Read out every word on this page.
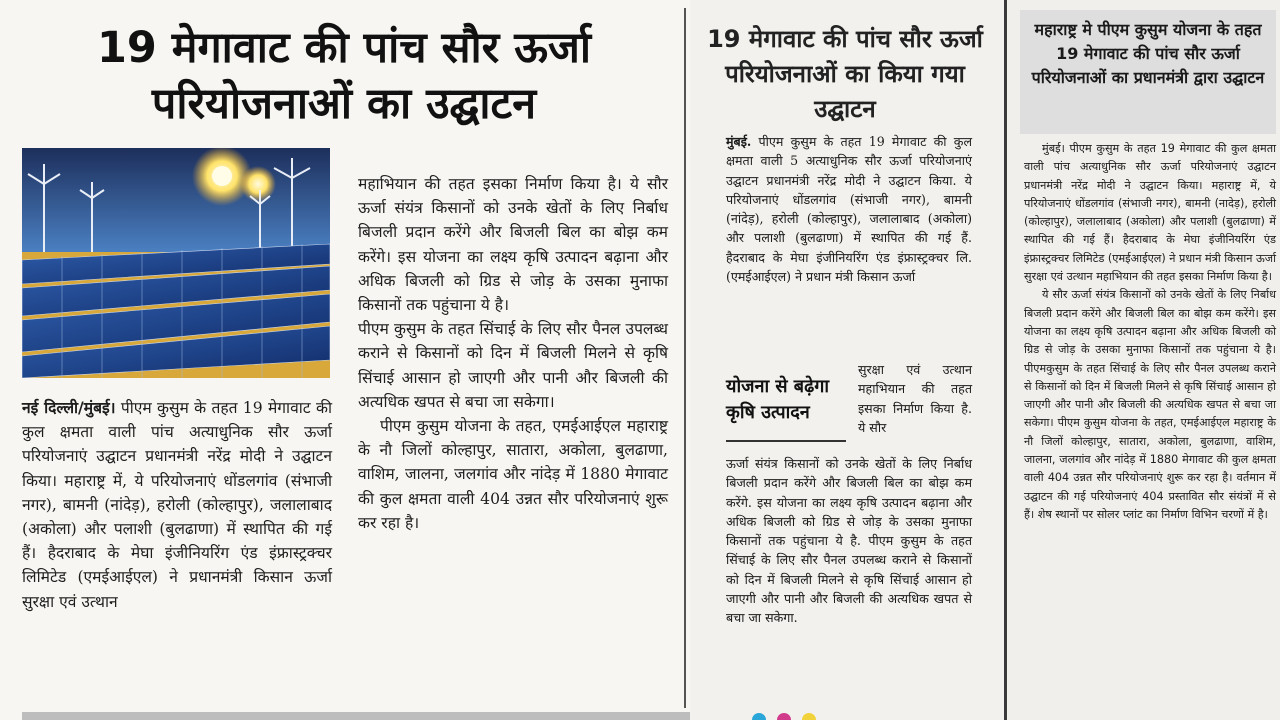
19 मेगावाट की पांच सौर ऊर्जा परियोजनाओं का उद्घाटन
नई दिल्ली/मुंबई। पीएम कुसुम के तहत 19 मेगावाट की कुल क्षमता वाली पांच अत्याधुनिक सौर ऊर्जा परियोजनाएं उद्घाटन प्रधानमंत्री नरेंद्र मोदी ने उद्घाटन किया। महाराष्ट्र में, ये परियोजनाएं धोंडलगांव (संभाजी नगर), बामनी (नांदेड़), हरोली (कोल्हापुर), जलालाबाद (अकोला) और पलाशी (बुलढाणा) में स्थापित की गई हैं। हैदराबाद के मेघा इंजीनियरिंग एंड इंफ्रास्ट्रक्चर लिमिटेड (एमईआईएल) ने प्रधानमंत्री किसान ऊर्जा सुरक्षा एवं उत्थान

महाभियान की तहत इसका निर्माण किया है। ये सौर ऊर्जा संयंत्र किसानों को उनके खेतों के लिए निर्बाध बिजली प्रदान करेंगे और बिजली बिल का बोझ कम करेंगे। इस योजना का लक्ष्य कृषि उत्पादन बढ़ाना और अधिक बिजली को ग्रिड से जोड़ के उसका मुनाफा किसानों तक पहुंचाना ये है।

पीएम कुसुम के तहत सिंचाई के लिए सौर पैनल उपलब्ध कराने से किसानों को दिन में बिजली मिलने से कृषि सिंचाई आसान हो जाएगी और पानी और बिजली की अत्यधिक खपत से बचा जा सकेगा।

पीएम कुसुम योजना के तहत, एमईआईएल महाराष्ट्र के नौ जिलों कोल्हापुर, सातारा, अकोला, बुलढाणा, वाशिम, जालना, जलगांव और नांदेड़ में 1880 मेगावाट की कुल क्षमता वाली 404 उन्नत सौर परियोजनाएं शुरू कर रहा है।

19 मेगावाट की पांच सौर ऊर्जा परियोजनाओं का किया गया उद्घाटन
मुंबई. पीएम कुसुम के तहत 19 मेगावाट की कुल क्षमता वाली 5 अत्याधुनिक सौर ऊर्जा परियोजनाएं उद्घाटन प्रधानमंत्री नरेंद्र मोदी ने उद्घाटन किया. ये परियोजनाएं धोंडलगांव (संभाजी नगर), बामनी (नांदेड़), हरोली (कोल्हापुर), जलालाबाद (अकोला) और पलाशी (बुलढाणा) में स्थापित की गई हैं. हैदराबाद के मेघा इंजीनियरिंग एंड इंफ्रास्ट्रक्चर लि. (एमईआईएल) ने प्रधान मंत्री किसान ऊर्जा
योजना से बढ़ेगा कृषि उत्पादन
सुरक्षा एवं उत्थान महाभियान की तहत इसका निर्माण किया है. ये सौर
ऊर्जा संयंत्र किसानों को उनके खेतों के लिए निर्बाध बिजली प्रदान करेंगे और बिजली बिल का बोझ कम करेंगे. इस योजना का लक्ष्य कृषि उत्पादन बढ़ाना और अधिक बिजली को ग्रिड से जोड़ के उसका मुनाफा किसानों तक पहुंचाना ये है. पीएम कुसुम के तहत सिंचाई के लिए सौर पैनल उपलब्ध कराने से किसानों को दिन में बिजली मिलने से कृषि सिंचाई आसान हो जाएगी और पानी और बिजली की अत्यधिक खपत से बचा जा सकेगा.

महाराष्ट्र मे पीएम कुसुम योजना के तहत 19 मेगावाट की पांच सौर ऊर्जा परियोजनाओं का प्रधानमंत्री द्वारा उद्घाटन

मुंबई। पीएम कुसुम के तहत 19 मेगावाट की कुल क्षमता वाली पांच अत्याधुनिक सौर ऊर्जा परियोजनाएं उद्घाटन प्रधानमंत्री नरेंद्र मोदी ने उद्घाटन किया। महाराष्ट्र में, ये परियोजनाएं धोंडलगांव (संभाजी नगर), बामनी (नादेड़), हरोली (कोल्हापुर), जलालाबाद (अकोला) और पलाशी (बुलढाणा) में स्थापित की गई हैं। हैदराबाद के मेघा इंजीनियरिंग एंड इंफ्रास्ट्रक्चर लिमिटेड (एमईआईएल) ने प्रधान मंत्री किसान ऊर्जा सुरक्षा एवं उत्थान महाभियान की तहत इसका निर्माण किया है।

ये सौर ऊर्जा संयंत्र किसानों को उनके खेतों के लिए निर्बाध बिजली प्रदान करेंगे और बिजली बिल का बोझ कम करेंगे। इस योजना का लक्ष्य कृषि उत्पादन बढ़ाना और अधिक बिजली को ग्रिड से जोड़ के उसका मुनाफा किसानों तक पहुंचाना ये है। पीएमकुसुम के तहत सिंचाई के लिए सौर पैनल उपलब्ध कराने से किसानों को दिन में बिजली मिलने से कृषि सिंचाई आसान हो जाएगी और पानी और बिजली की अत्यधिक खपत से बचा जा सकेगा। पीएम कुसुम योजना के तहत, एमईआईएल महाराष्ट्र के नौ जिलों कोल्हापुर, सातारा, अकोला, बुलढाणा, वाशिम, जालना, जलगांव और नांदेड़ में 1880 मेगावाट की कुल क्षमता वाली 404 उन्नत सौर परियोजनाएं शुरू कर रहा है। वर्तमान में उद्घाटन की गई परियोजनाएं 404 प्रस्तावित सौर संयंत्रों में से हैं। शेष स्थानों पर सोलर प्लांट का निर्माण विभिन चरणों में है।
